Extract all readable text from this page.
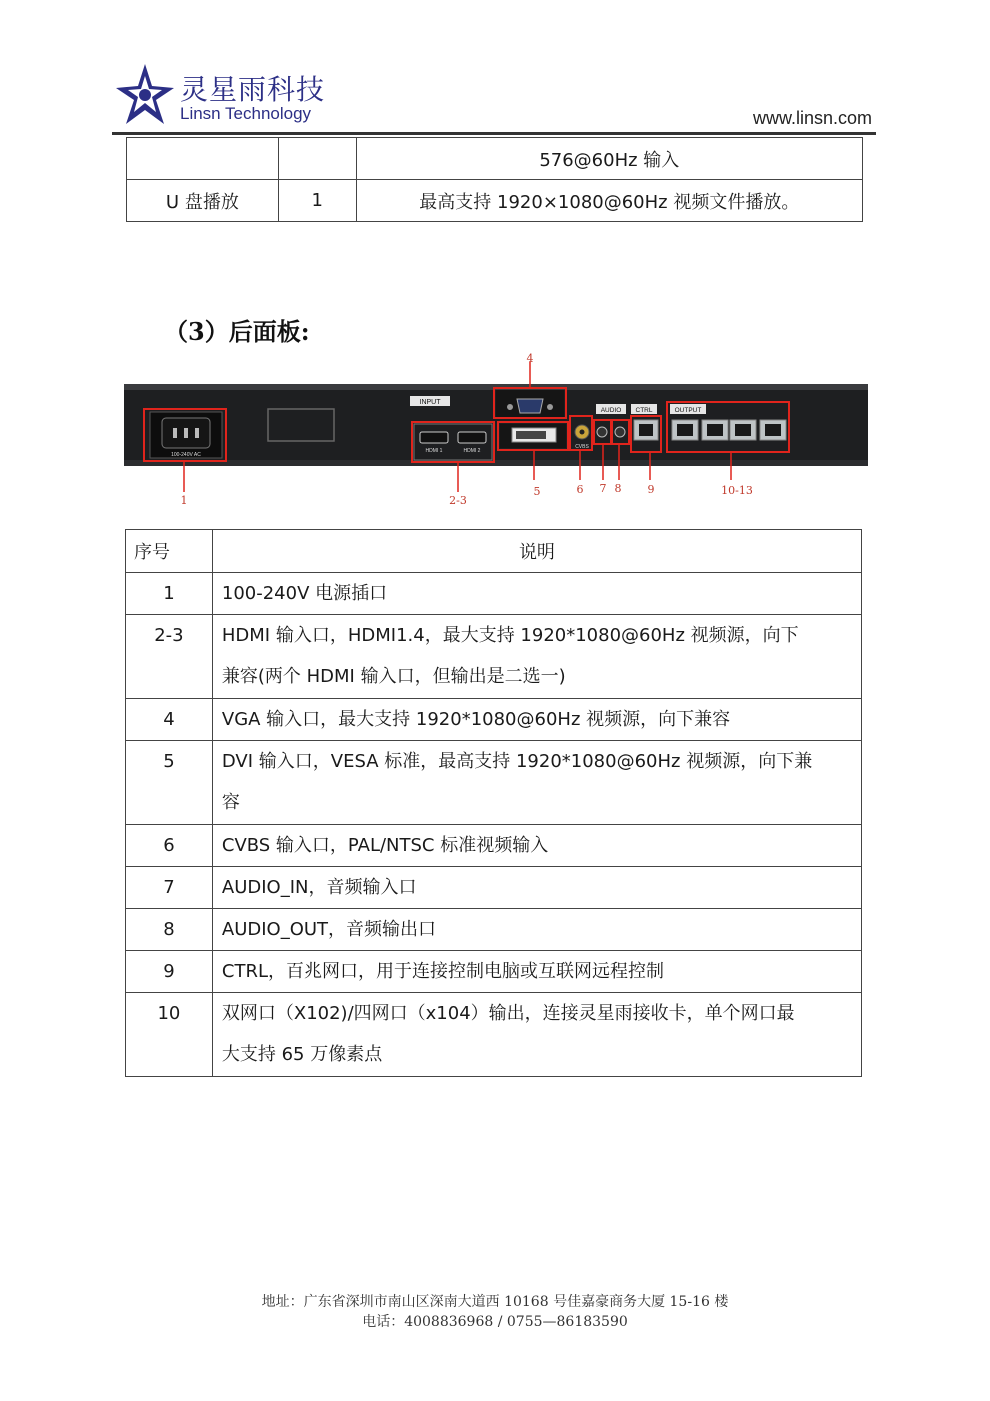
灵星雨科技
Linsn Technology	www.linsn.com
		576@60Hz 输入
U 盘播放	1	最高支持 1920×1080@60Hz 视频文件播放。
（3）后面板:
100-240V AC
INPUT
HDMI 1	HDMI 2
CVBS
AUDIO CTRL	OUTPUT
1	2-3
4
5	6 7 8 9	10-13
序号	说明
1	100-240V 电源插口
2-3	HDMI 输入口，HDMI1.4，最大支持 1920*1080@60Hz 视频源，向下
兼容(两个 HDMI 输入口，但输出是二选一)

4	VGA 输入口，最大支持 1920*1080@60Hz 视频源，向下兼容
5	DVI 输入口，VESA 标准，最高支持 1920*1080@60Hz 视频源，向下兼
容

6	CVBS 输入口，PAL/NTSC 标准视频输入
7	AUDIO_IN，音频输入口
8	AUDIO_OUT，音频输出口
9	CTRL，百兆网口，用于连接控制电脑或互联网远程控制
10	双网口（X102)/四网口（x104）输出，连接灵星雨接收卡，单个网口最
大支持 65 万像素点
地址：广东省深圳市南山区深南大道西 10168 号佳嘉豪商务大厦 15-16 楼
电话：4008836968 / 0755—86183590
